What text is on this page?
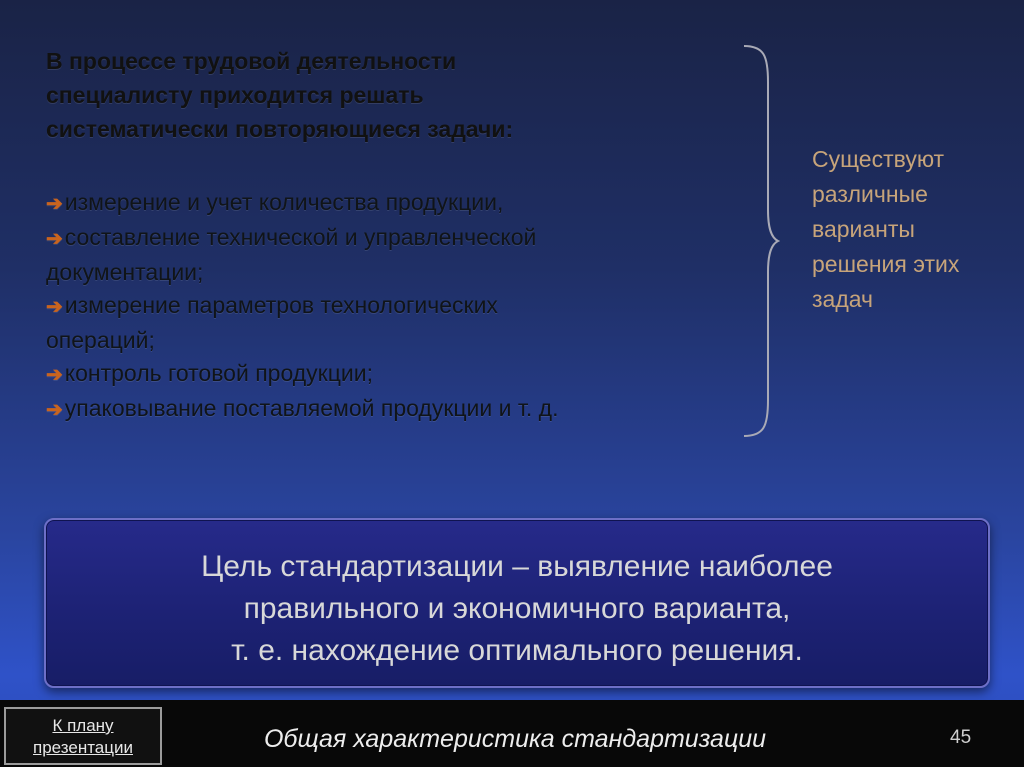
В процессе трудовой деятельности
специалисту приходится решать
систематически повторяющиеся задачи:
➔измерение и учет количества продукции,
➔составление технической и управленческой
документации;
➔измерение параметров технологических
операций;
➔контроль готовой продукции;
➔упаковывание поставляемой продукции и т. д.
Существуют
различные
варианты
решения этих
задач
Цель стандартизации – выявление наиболее
правильного и экономичного варианта,
т. е. нахождение оптимального решения.
К плану
презентации	Общая характеристика стандартизации	45
